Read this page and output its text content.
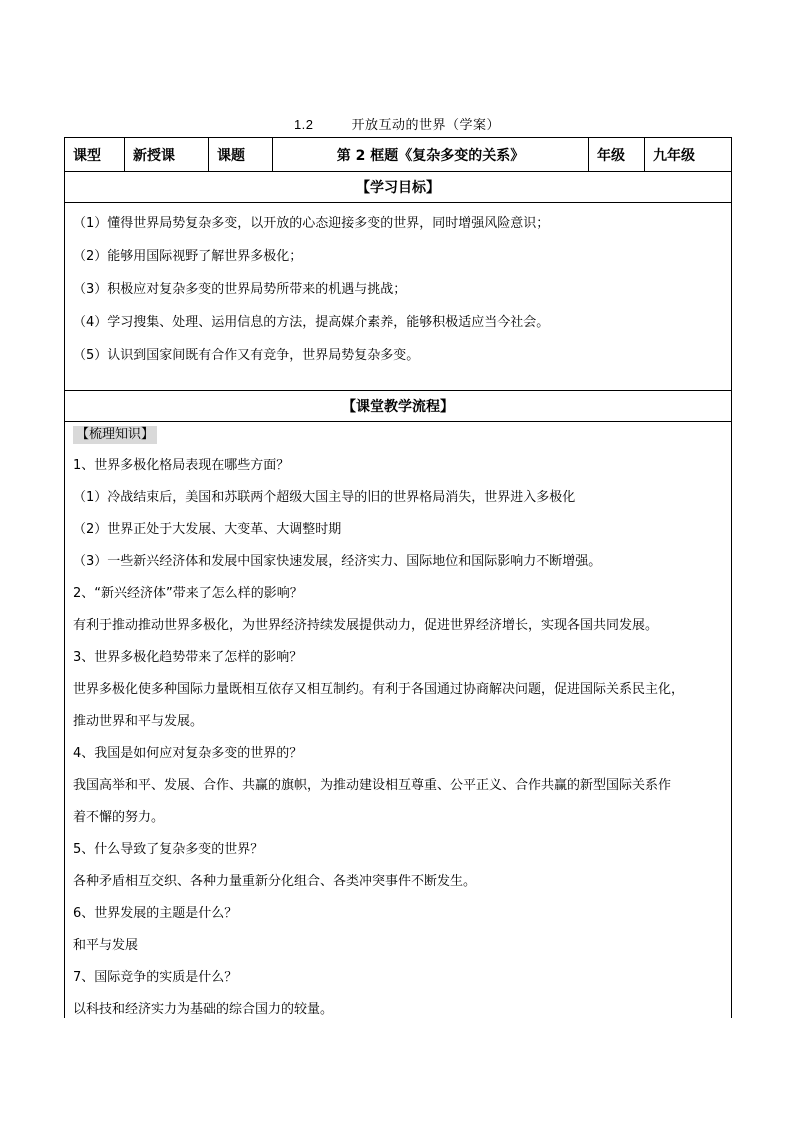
1.2	开放互动的世界（学案）
课型	新授课	课题	第 2 框题《复杂多变的关系》	年级	九年级
【学习目标】
（1）懂得世界局势复杂多变，以开放的心态迎接多变的世界，同时增强风险意识；
（2）能够用国际视野了解世界多极化；
（3）积极应对复杂多变的世界局势所带来的机遇与挑战；
（4）学习搜集、处理、运用信息的方法，提高媒介素养，能够积极适应当今社会。
（5）认识到国家间既有合作又有竞争，世界局势复杂多变。
【课堂教学流程】
【梳理知识】
1、世界多极化格局表现在哪些方面？
（1）冷战结束后，美国和苏联两个超级大国主导的旧的世界格局消失，世界进入多极化
（2）世界正处于大发展、大变革、大调整时期
（3）一些新兴经济体和发展中国家快速发展，经济实力、国际地位和国际影响力不断增强。
2、“新兴经济体”带来了怎么样的影响？
有利于推动推动世界多极化，为世界经济持续发展提供动力，促进世界经济增长，实现各国共同发展。
3、世界多极化趋势带来了怎样的影响？
世界多极化使多种国际力量既相互依存又相互制约。有利于各国通过协商解决问题，促进国际关系民主化，
推动世界和平与发展。
4、我国是如何应对复杂多变的世界的？
我国高举和平、发展、合作、共赢的旗帜，为推动建设相互尊重、公平正义、合作共赢的新型国际关系作
着不懈的努力。
5、什么导致了复杂多变的世界？
各种矛盾相互交织、各种力量重新分化组合、各类冲突事件不断发生。
6、世界发展的主题是什么？
和平与发展
7、国际竞争的实质是什么？
以科技和经济实力为基础的综合国力的较量。
